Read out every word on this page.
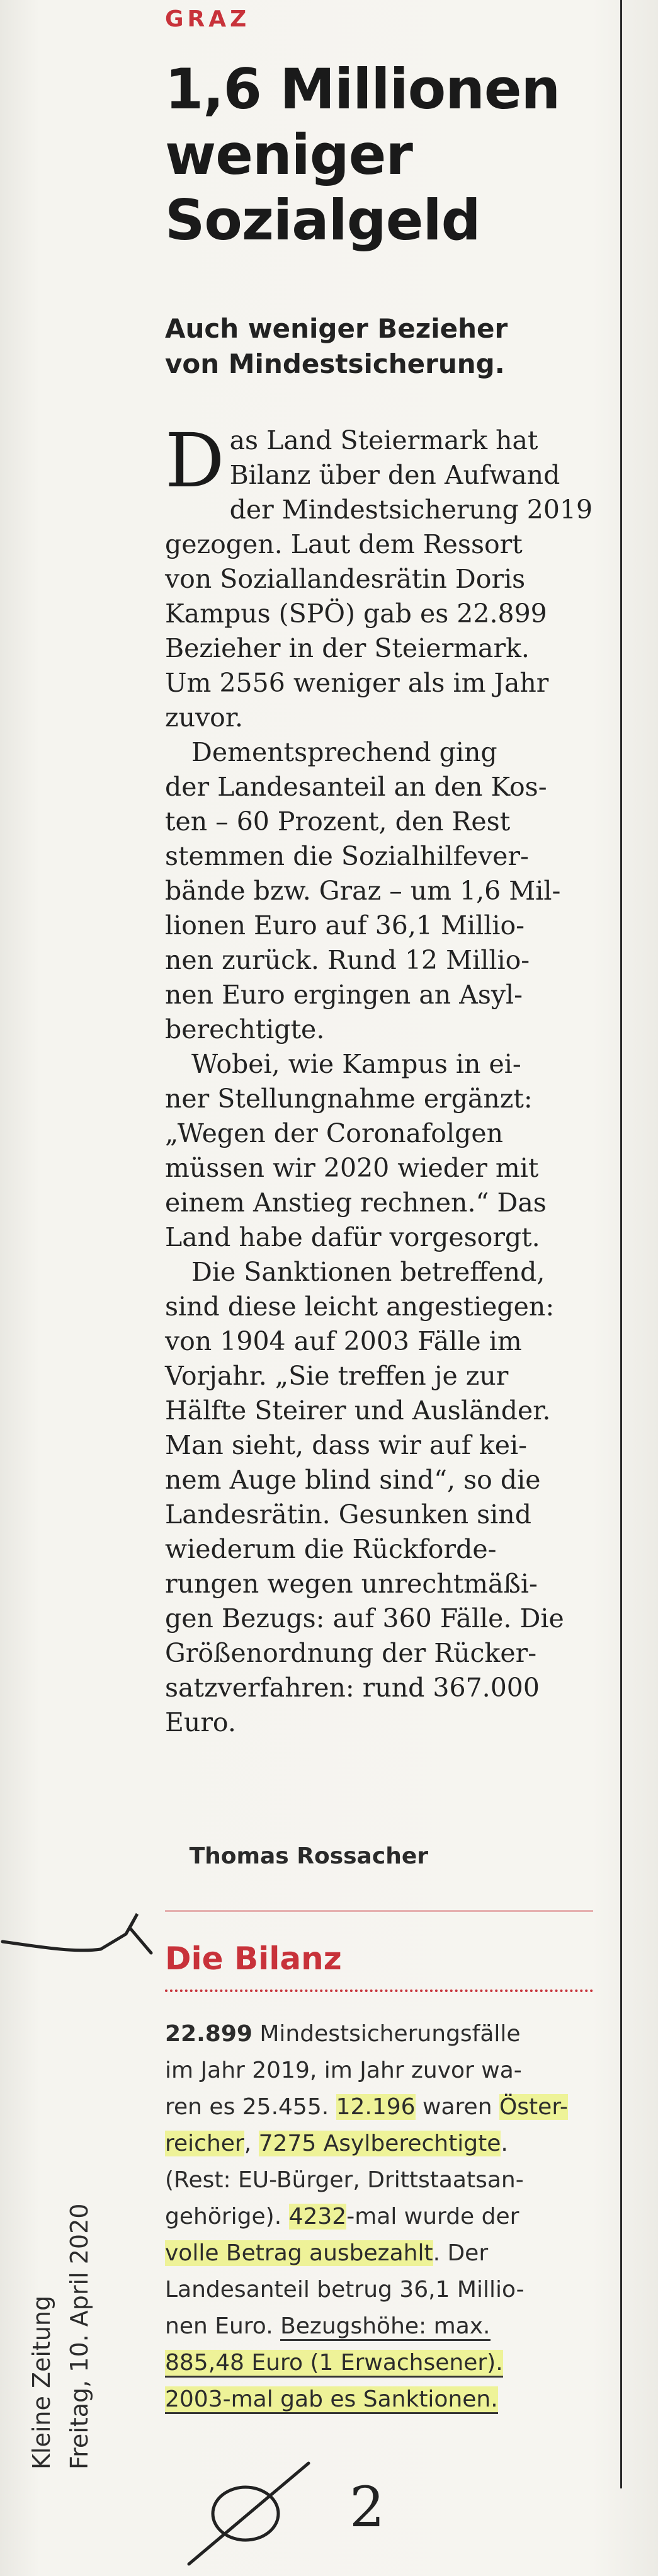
GRAZ
1,6 Millionen
weniger
Sozialgeld
Auch weniger Bezieher
von Mindestsicherung.
D as Land Steiermark hat
Bilanz über den Aufwand
der Mindestsicherung 2019
gezogen. Laut dem Ressort
von Soziallandesrätin Doris
Kampus (SPÖ) gab es 22.899
Bezieher in der Steiermark.
Um 2556 weniger als im Jahr
zuvor.
Dementsprechend ging
der Landesanteil an den Kos-
ten – 60 Prozent, den Rest
stemmen die Sozialhilfever-
bände bzw. Graz – um 1,6 Mil-
lionen Euro auf 36,1 Millio-
nen zurück. Rund 12 Millio-
nen Euro ergingen an Asyl-
berechtigte.
Wobei, wie Kampus in ei-
ner Stellungnahme ergänzt:
„Wegen der Coronafolgen
müssen wir 2020 wieder mit
einem Anstieg rechnen.“ Das
Land habe dafür vorgesorgt.
Die Sanktionen betreffend,
sind diese leicht angestiegen:
von 1904 auf 2003 Fälle im
Vorjahr. „Sie treffen je zur
Hälfte Steirer und Ausländer.
Man sieht, dass wir auf kei-
nem Auge blind sind“, so die
Landesrätin. Gesunken sind
wiederum die Rückforde-
rungen wegen unrechtmäßi-
gen Bezugs: auf 360 Fälle. Die
Größenordnung der Rücker-
satzverfahren: rund 367.000
Euro.
Thomas Rossacher
Die Bilanz
22.899 Mindestsicherungsfälle
im Jahr 2019, im Jahr zuvor wa-
ren es 25.455. 12.196 waren Öster-
reicher, 7275 Asylberechtigte.
(Rest: EU-Bürger, Drittstaatsan-
gehörige). 4232-mal wurde der
volle Betrag ausbezahlt. Der
Landesanteil betrug 36,1 Millio-
nen Euro. Bezugshöhe: max.
885,48 Euro (1 Erwachsener).
2003-mal gab es Sanktionen.
Kleine Zeitung Freitag, 10. April 2020
2
